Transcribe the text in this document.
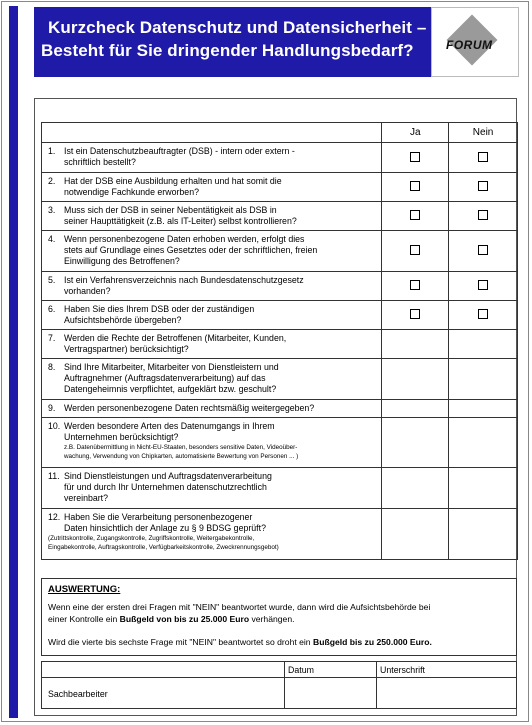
Kurzcheck Datenschutz und Datensicherheit –
Besteht für Sie dringender Handlungsbedarf?	FORUM
	Ja	Nein

1. Ist ein Datenschutzbeauftragter (DSB) - intern oder extern -
schriftlich bestellt?		

2. Hat der DSB eine Ausbildung erhalten und hat somit die
notwendige Fachkunde erworben?		

3. Muss sich der DSB in seiner Nebentätigkeit als DSB in
seiner Haupttätigkeit (z.B. als IT-Leiter) selbst kontrollieren?		

4. Wenn personenbezogene Daten erhoben werden, erfolgt dies
stets auf Grundlage eines Gesetztes oder der schriftlichen, freien
Einwilligung des Betroffenen?		

5. Ist ein Verfahrensverzeichnis nach Bundesdatenschutzgesetz
vorhanden?		

6. Haben Sie dies Ihrem DSB oder der zuständigen
Aufsichtsbehörde übergeben?		

7. Werden die Rechte der Betroffenen (Mitarbeiter, Kunden,
Vertragspartner) berücksichtigt?		

8. Sind Ihre Mitarbeiter, Mitarbeiter von Dienstleistern und
Auftragnehmer (Auftragsdatenverarbeitung) auf das
Datengeheimnis verpflichtet, aufgeklärt bzw. geschult?		

9. Werden personenbezogene Daten rechtsmäßig weitergegeben?		

10. Werden besondere Arten des Datenumgangs in Ihrem
Unternehmen berücksichtigt?
z.B. Datenübermittlung in Nicht-EU-Staaten, besonders sensitive Daten, Videoüber-
wachung, Verwendung von Chipkarten, automatisierte Bewertung von Personen ... )		

11. Sind Dienstleistungen und Auftragsdatenverarbeitung
für und durch Ihr Unternehmen datenschutzrechtlich
vereinbart?		

12. Haben Sie die Verarbeitung personenbezogener
Daten hinsichtlich der Anlage zu § 9 BDSG geprüft?
(Zutrittskontrolle, Zugangskontrolle, Zugriffskontrolle, Weitergabekontrolle,
Eingabekontrolle, Auftragskontrolle, Verfügbarkeitskontrolle, Zweckrennungsgebot)		

AUSWERTUNG:
Wenn eine der ersten drei Fragen mit "NEIN" beantwortet wurde, dann wird die Aufsichtsbehörde bei
einer Kontrolle ein Bußgeld von bis zu 25.000 Euro verhängen.
Wird die vierte bis sechste Frage mit "NEIN" beantwortet so droht ein Bußgeld bis zu 250.000 Euro.
Datum	Unterschrift
Sachbearbeiter
